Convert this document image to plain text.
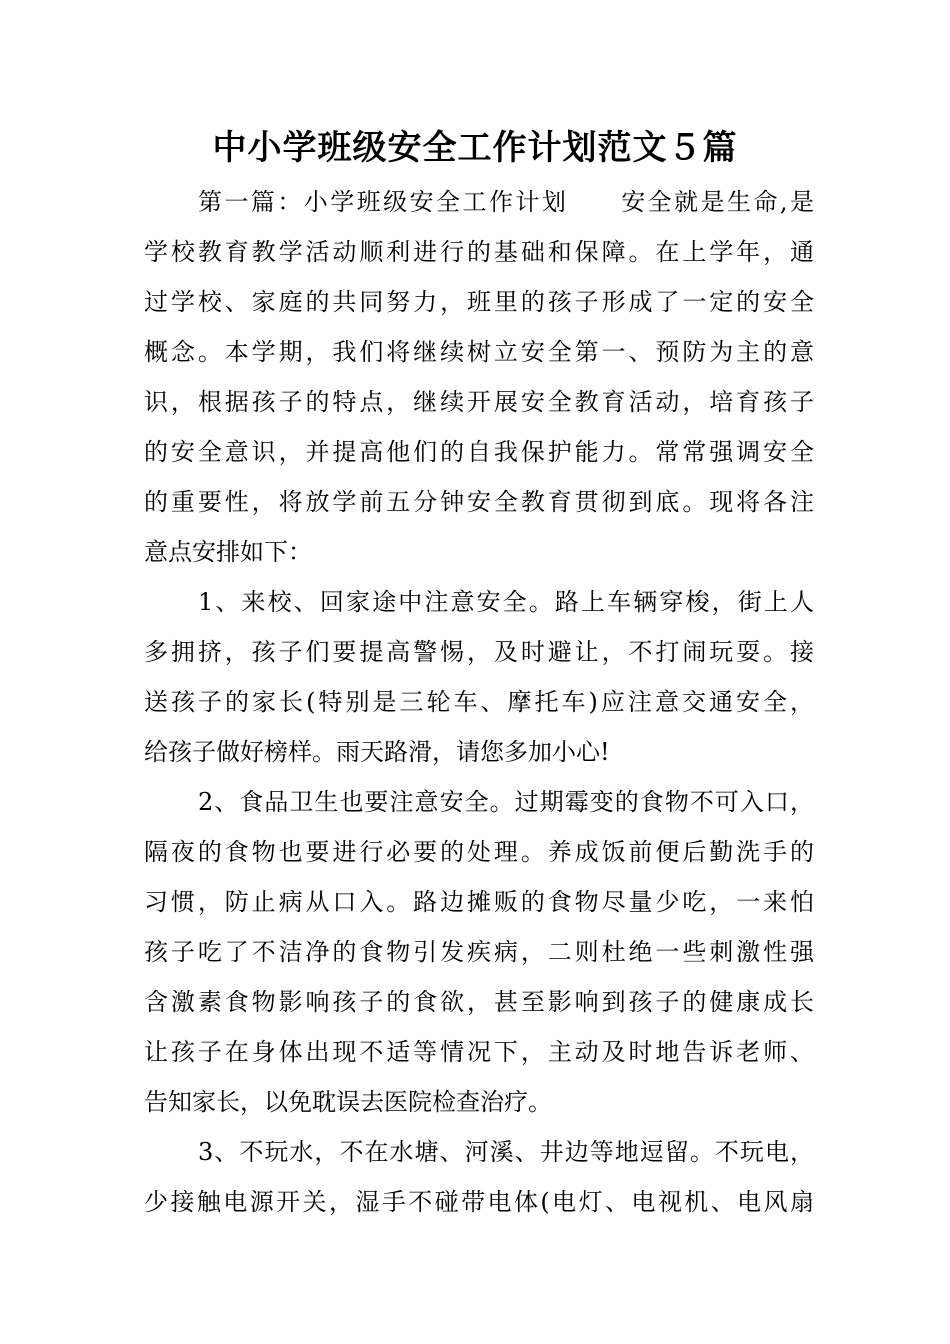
中小学班级安全工作计划范文５篇
第一篇：小学班级安全工作计划　　安全就是生命,是
学校教育教学活动顺利进行的基础和保障。在上学年，通
过学校、家庭的共同努力，班里的孩子形成了一定的安全
概念。本学期，我们将继续树立安全第一、预防为主的意
识，根据孩子的特点，继续开展安全教育活动，培育孩子
的安全意识，并提高他们的自我保护能力。常常强调安全
的重要性，将放学前五分钟安全教育贯彻到底。现将各注
意点安排如下：
1、来校、回家途中注意安全。路上车辆穿梭，街上人
多拥挤，孩子们要提高警惕，及时避让，不打闹玩耍。接
送孩子的家长(特别是三轮车、摩托车)应注意交通安全，
给孩子做好榜样。雨天路滑，请您多加小心!
2、食品卫生也要注意安全。过期霉变的食物不可入口，
隔夜的食物也要进行必要的处理。养成饭前便后勤洗手的
习惯，防止病从口入。路边摊贩的食物尽量少吃，一来怕
孩子吃了不洁净的食物引发疾病，二则杜绝一些刺激性强
含激素食物影响孩子的食欲，甚至影响到孩子的健康成长
让孩子在身体出现不适等情况下，主动及时地告诉老师、
告知家长，以免耽误去医院检查治疗。
3、不玩水，不在水塘、河溪、井边等地逗留。不玩电，
少接触电源开关，湿手不碰带电体(电灯、电视机、电风扇
